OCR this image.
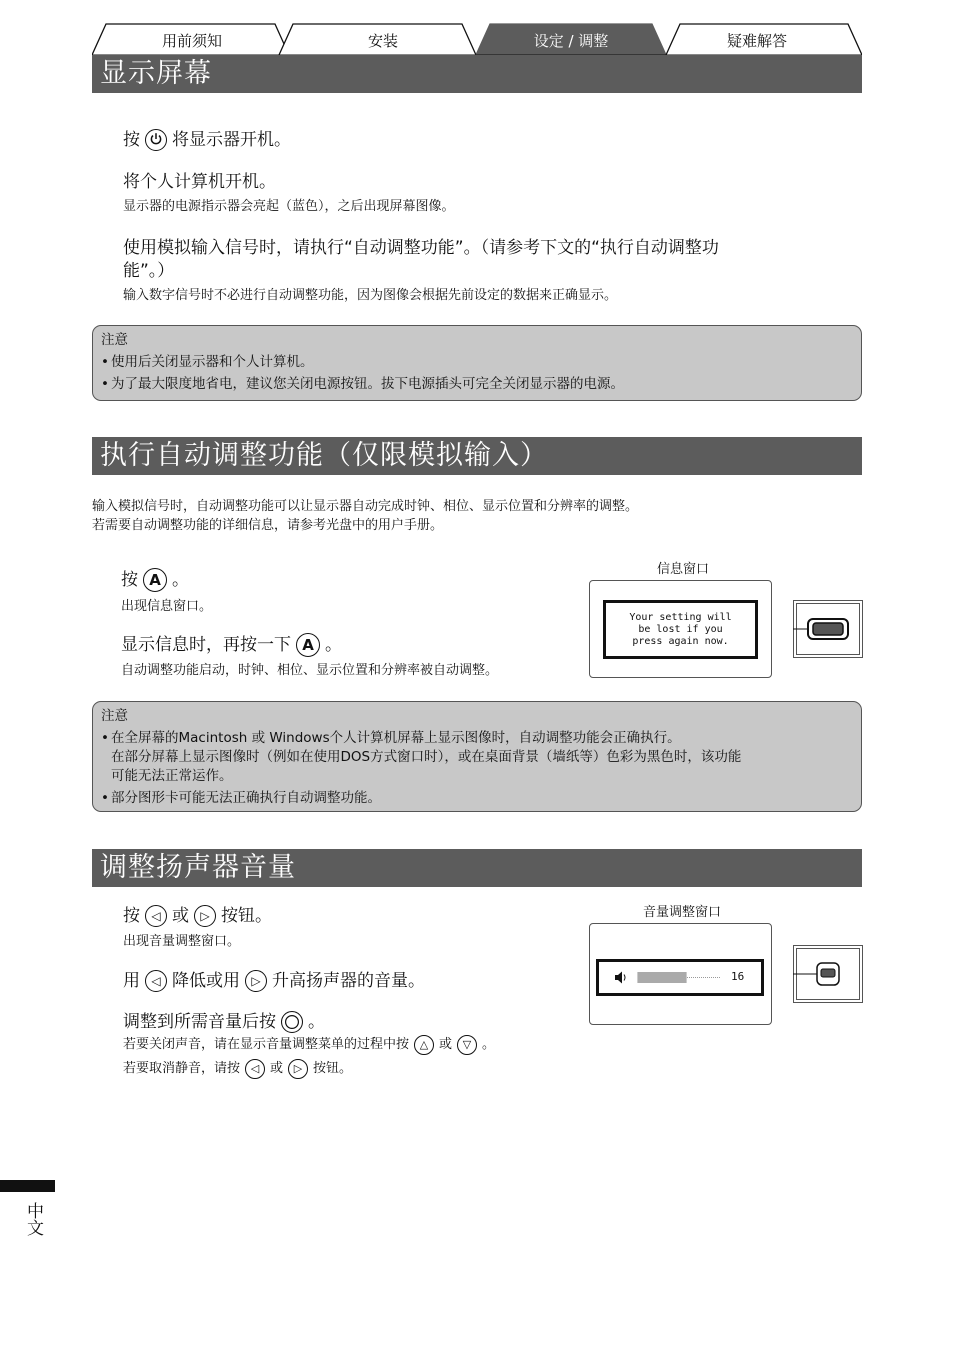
用前须知	安装	设定 / 调整	疑难解答
显示屏幕
按 将显示器开机。
将个人计算机开机。
显示器的电源指示器会亮起（蓝色），之后出现屏幕图像。
使用模拟输入信号时，请执行“自动调整功能”。（请参考下文的“执行自动调整功
能”。）
输入数字信号时不必进行自动调整功能，因为图像会根据先前设定的数据来正确显示。
注意
• 使用后关闭显示器和个人计算机。
• 为了最大限度地省电，建议您关闭电源按钮。拔下电源插头可完全关闭显示器的电源。
执行自动调整功能（仅限模拟输入）
输入模拟信号时，自动调整功能可以让显示器自动完成时钟、相位、显示位置和分辨率的调整。
若需要自动调整功能的详细信息，请参考光盘中的用户手册。
按 A 。
出现信息窗口。
显示信息时，再按一下 A 。
自动调整功能启动，时钟、相位、显示位置和分辨率被自动调整。
信息窗口
Your setting will
be lost if you
press again now.
注意
• 在全屏幕的Macintosh 或 Windows个人计算机屏幕上显示图像时，自动调整功能会正确执行。
在部分屏幕上显示图像时（例如在使用DOS方式窗口时），或在桌面背景（墙纸等）色彩为黑色时，该功能
可能无法正常运作。
• 部分图形卡可能无法正确执行自动调整功能。
调整扬声器音量
按 ◁ 或 ▷ 按钮。
出现音量调整窗口。
用 ◁ 降低或用 ▷ 升高扬声器的音量。
调整到所需音量后按 。
若要关闭声音，请在显示音量调整菜单的过程中按 △ 或 ▽ 。
若要取消静音，请按 ◁ 或 ▷ 按钮。
音量调整窗口
16
中文
